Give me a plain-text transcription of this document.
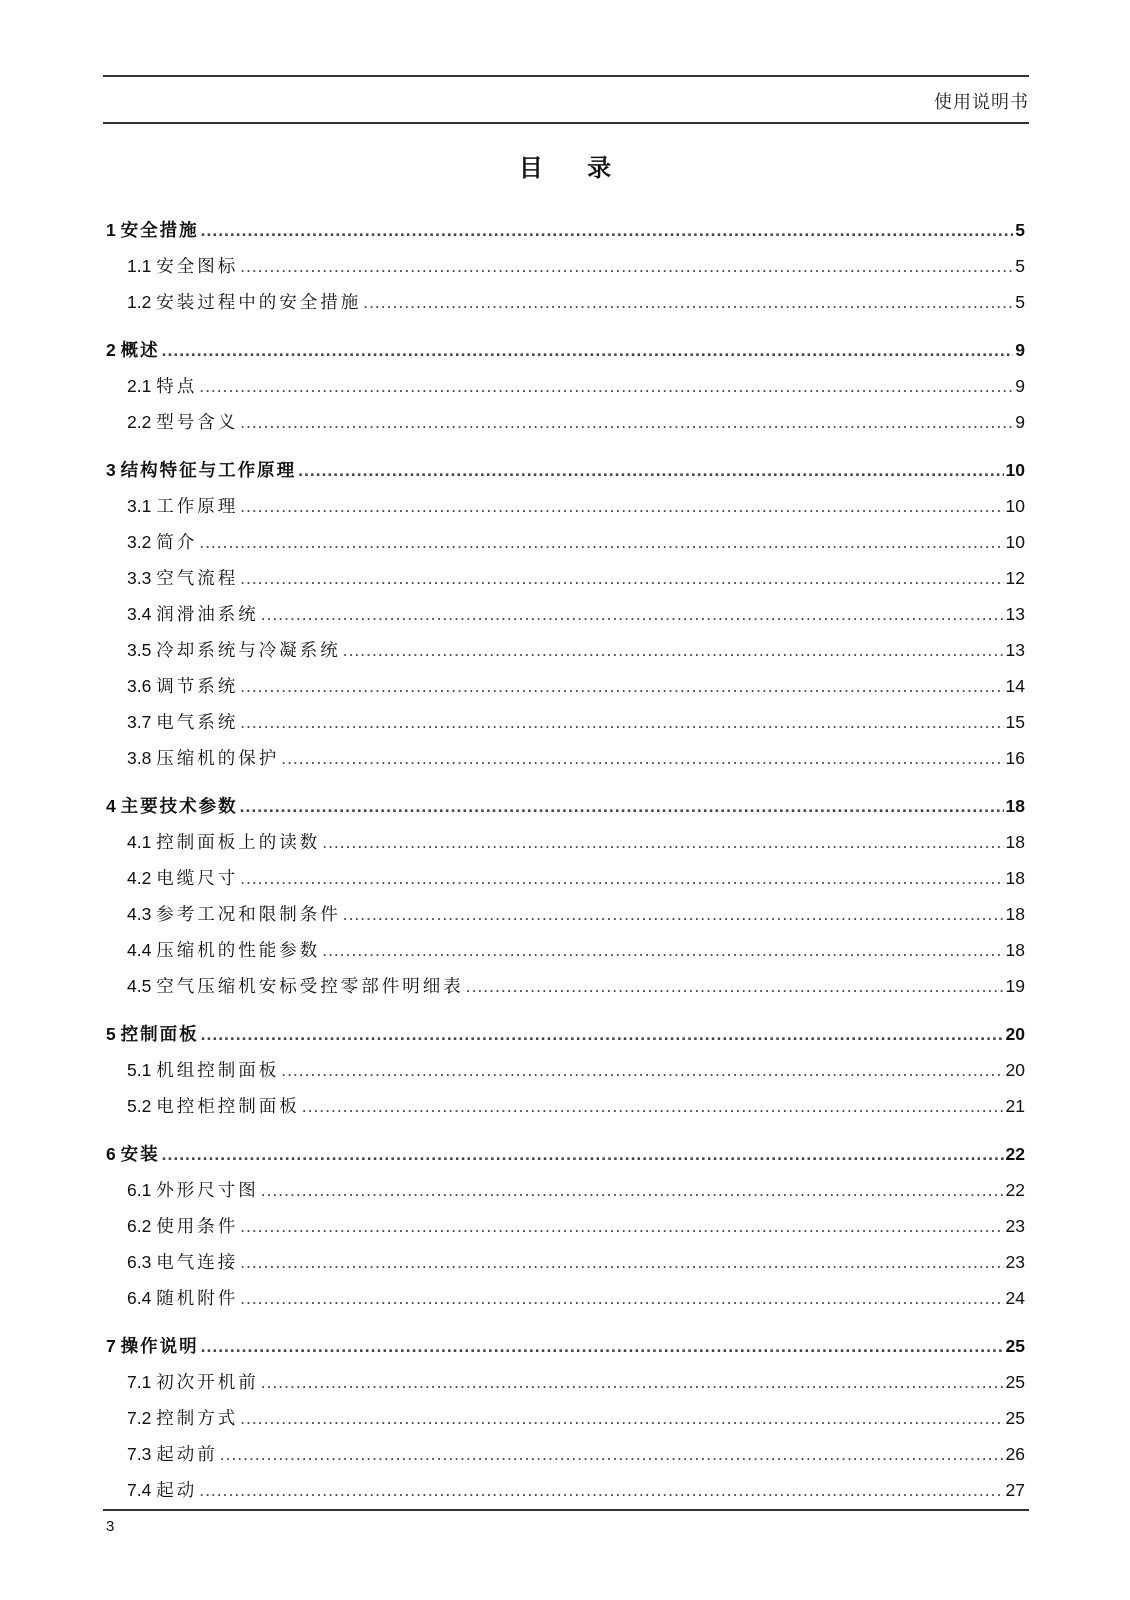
使用说明书
目 录
1 安全措施 .....	5
1.1 安全图标 .....	5
1.2 安装过程中的安全措施 .....	5
2 概述 .....	9
2.1 特点 .....	9
2.2 型号含义 .....	9
3 结构特征与工作原理 .....	10
3.1 工作原理 .....	10
3.2 简介 .....	10
3.3 空气流程 .....	12
3.4 润滑油系统 .....	13
3.5 冷却系统与冷凝系统 .....	13
3.6 调节系统 .....	14
3.7 电气系统 .....	15
3.8 压缩机的保护 .....	16
4 主要技术参数 .....	18
4.1 控制面板上的读数 .....	18
4.2 电缆尺寸 .....	18
4.3 参考工况和限制条件 .....	18
4.4 压缩机的性能参数 .....	18
4.5 空气压缩机安标受控零部件明细表 .....	19
5 控制面板 .....	20
5.1 机组控制面板 .....	20
5.2 电控柜控制面板 .....	21
6 安装 .....	22
6.1 外形尺寸图 .....	22
6.2 使用条件 .....	23
6.3 电气连接 .....	23
6.4 随机附件 .....	24
7 操作说明 .....	25
7.1 初次开机前 .....	25
7.2 控制方式 .....	25
7.3 起动前 .....	26
7.4 起动 .....	27
3
